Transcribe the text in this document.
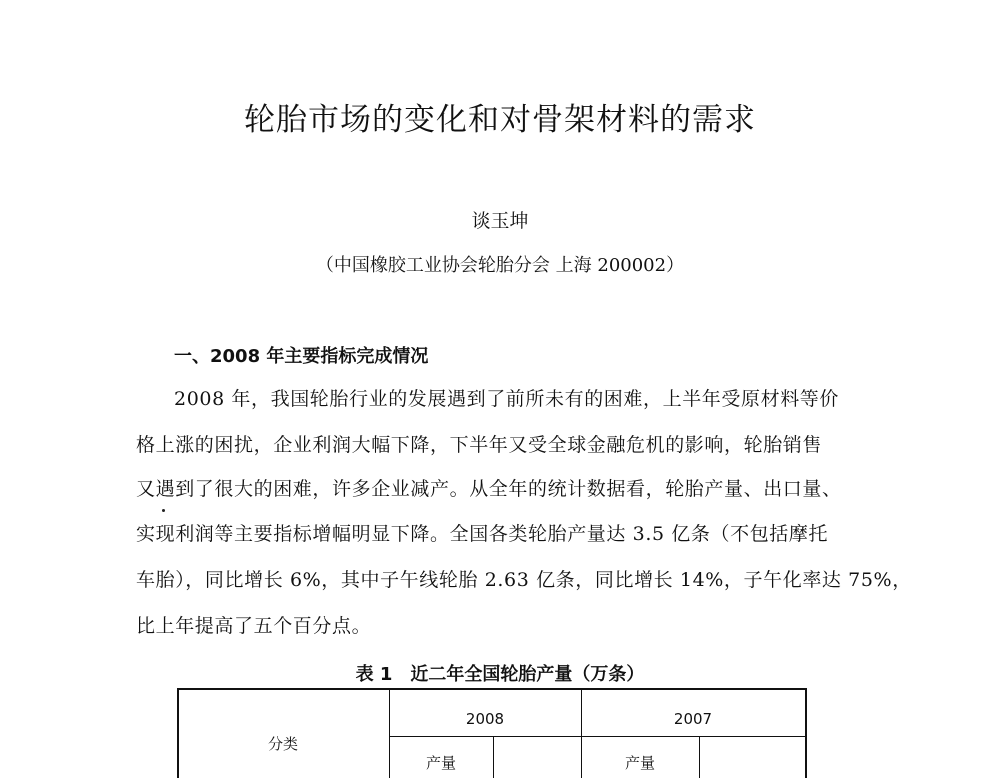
轮胎市场的变化和对骨架材料的需求
谈玉坤
（中国橡胶工业协会轮胎分会 上海 200002）
一、2008 年主要指标完成情况
2008 年，我国轮胎行业的发展遇到了前所未有的困难，上半年受原材料等价
格上涨的困扰，企业利润大幅下降，下半年又受全球金融危机的影响，轮胎销售
又遇到了很大的困难，许多企业减产。从全年的统计数据看，轮胎产量、出口量、
实现利润等主要指标增幅明显下降。全国各类轮胎产量达 3.5 亿条（不包括摩托
车胎），同比增长 6%，其中子午线轮胎 2.63 亿条，同比增长 14%，子午化率达 75%，
比上年提高了五个百分点。
表 1　近二年全国轮胎产量（万条）
分类
2008	2007
产量	产量
